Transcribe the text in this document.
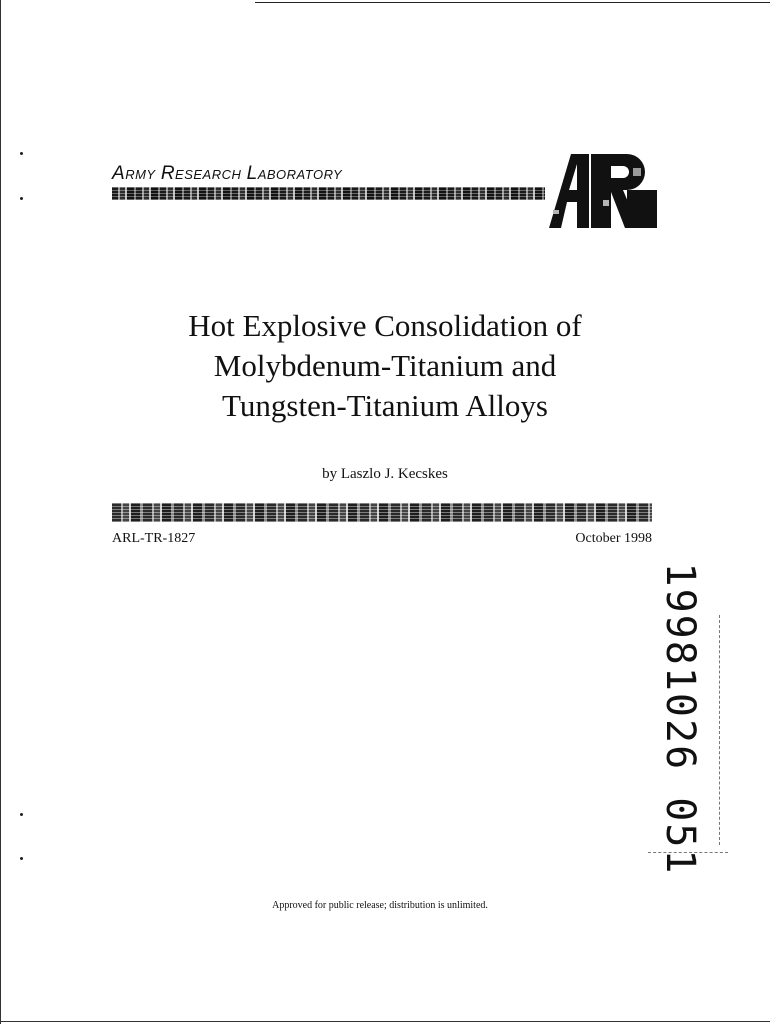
ARMY RESEARCH LABORATORY
Hot Explosive Consolidation of
Molybdenum-Titanium and
Tungsten-Titanium Alloys
by Laszlo J. Kecskes
ARL-TR-1827	October 1998
19981026 051
Approved for public release; distribution is unlimited.
